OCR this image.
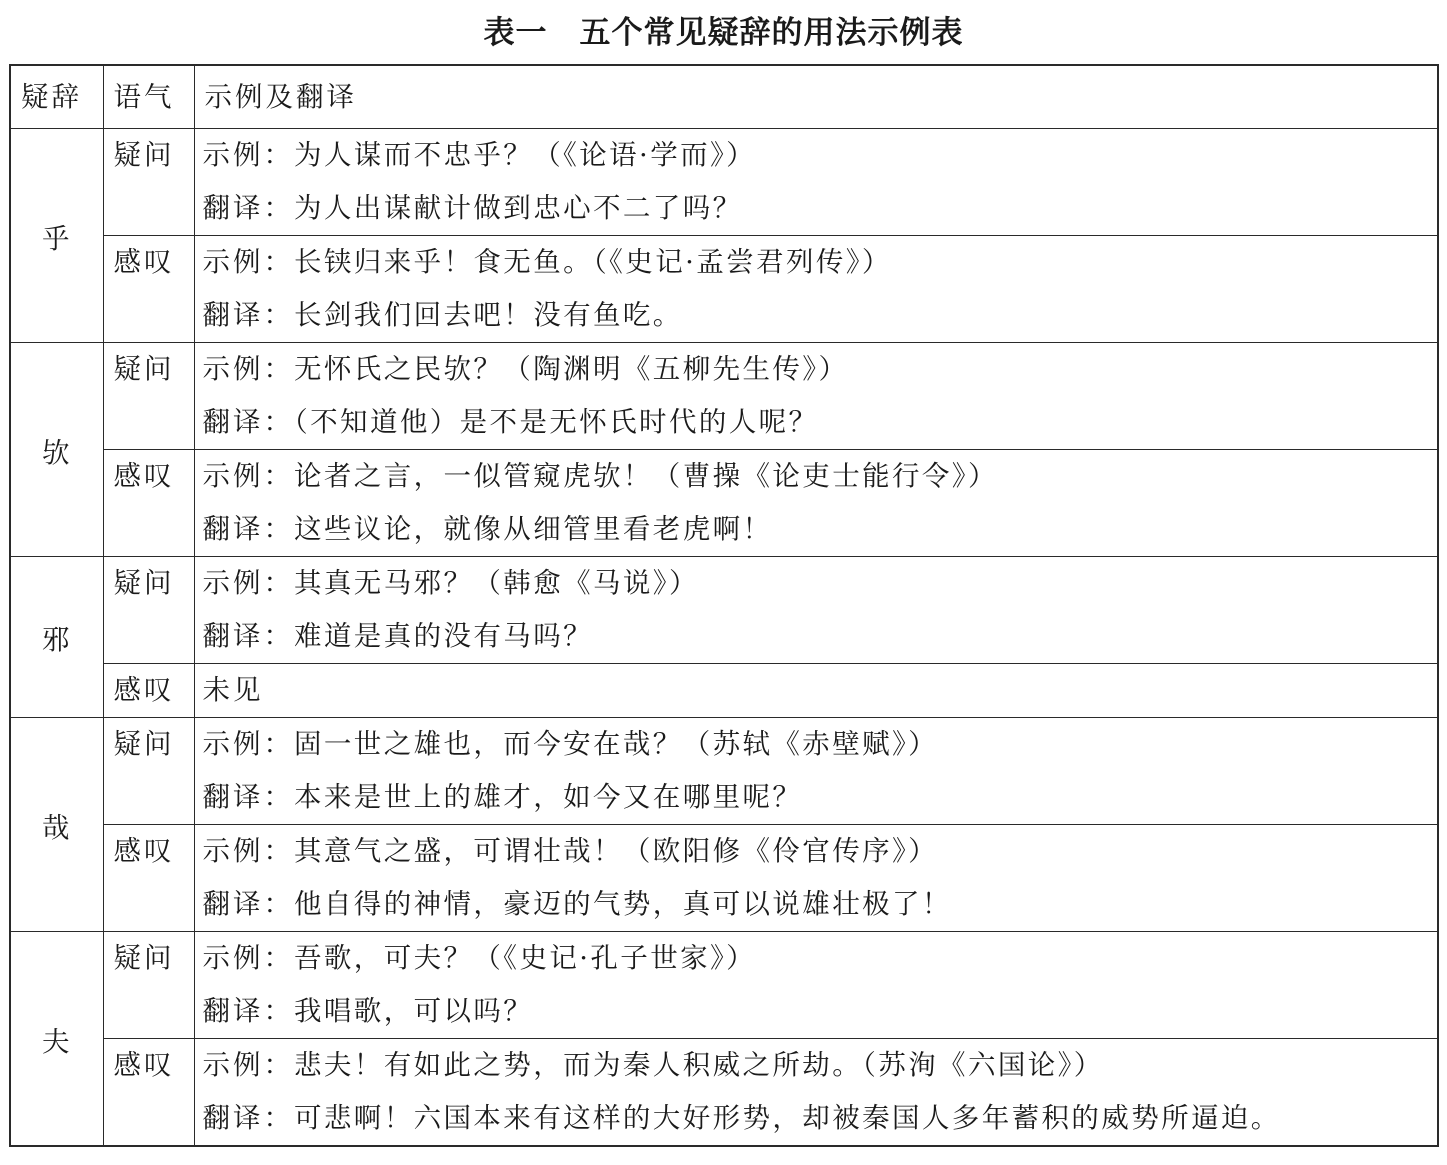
表一　五个常见疑辞的用法示例表
疑辞	语气	示例及翻译
乎	疑问	示例：为人谋而不忠乎？（《论语·学而》）
翻译：为人出谋献计做到忠心不二了吗？

	感叹	示例：长铗归来乎！食无鱼。（《史记·孟尝君列传》）
翻译：长剑我们回去吧！没有鱼吃。

欤	疑问	示例：无怀氏之民欤？（陶渊明《五柳先生传》）
翻译：（不知道他）是不是无怀氏时代的人呢？

	感叹	示例：论者之言，一似管窥虎欤！（曹操《论吏士能行令》）
翻译：这些议论，就像从细管里看老虎啊！

邪	疑问	示例：其真无马邪？（韩愈《马说》）
翻译：难道是真的没有马吗？

	感叹	未见

哉	疑问	示例：固一世之雄也，而今安在哉？（苏轼《赤壁赋》）
翻译：本来是世上的雄才，如今又在哪里呢？

	感叹	示例：其意气之盛，可谓壮哉！（欧阳修《伶官传序》）
翻译：他自得的神情，豪迈的气势，真可以说雄壮极了！

夫	疑问	示例：吾歌，可夫？（《史记·孔子世家》）
翻译：我唱歌，可以吗？

	感叹	示例：悲夫！有如此之势，而为秦人积威之所劫。（苏洵《六国论》）
翻译：可悲啊！六国本来有这样的大好形势，却被秦国人多年蓄积的威势所逼迫。
